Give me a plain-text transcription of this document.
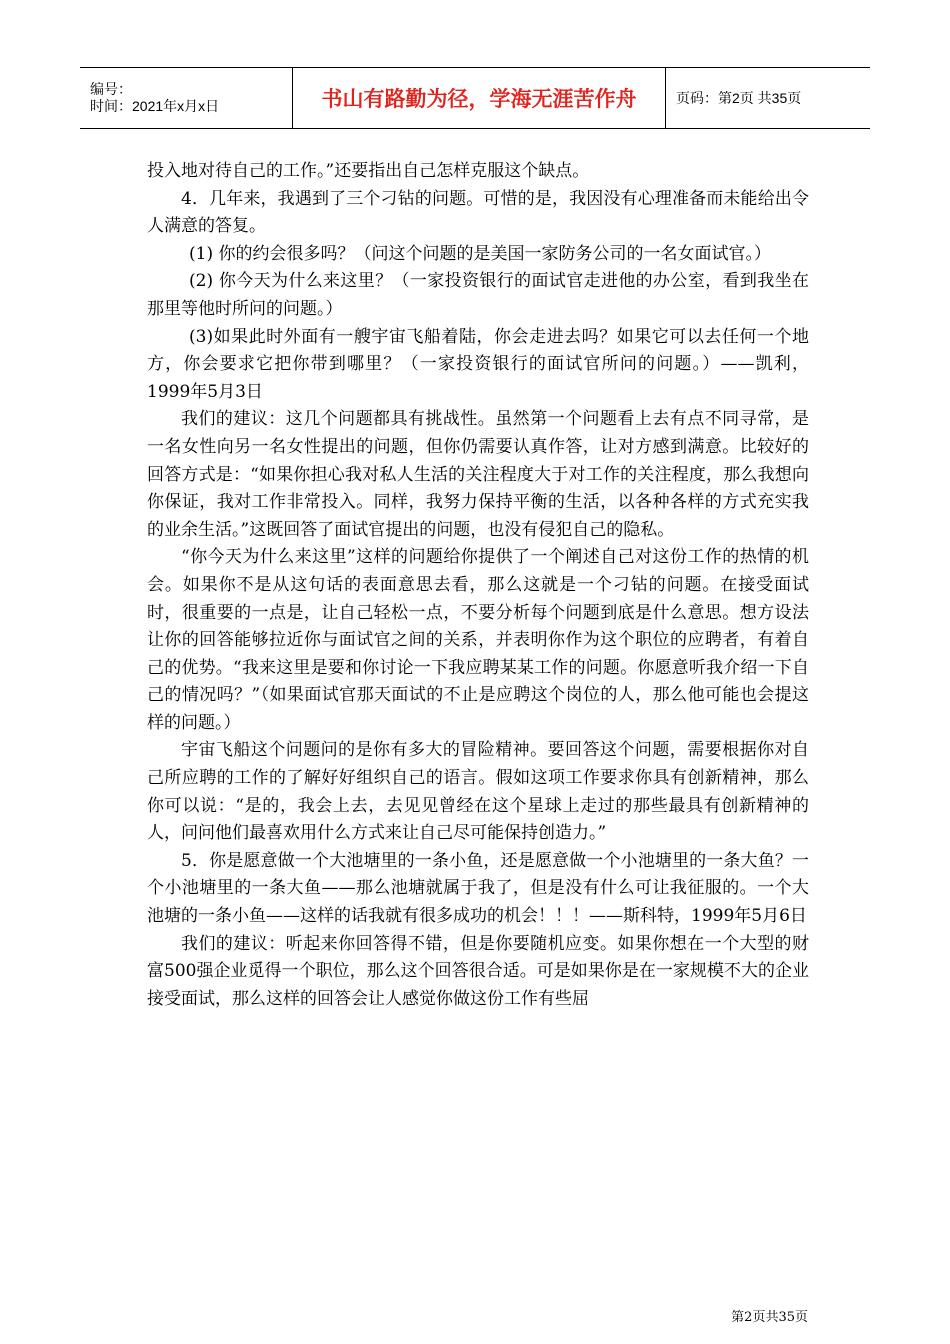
编号：
时间：2021年x月x日	书山有路勤为径，学海无涯苦作舟	页码：第2页 共35页

投入地对待自己的工作。”还要指出自己怎样克服这个缺点。

4．几年来，我遇到了三个刁钻的问题。可惜的是，我因没有心理准备而未能给出令人满意的答复。

(1) 你的约会很多吗？（问这个问题的是美国一家防务公司的一名女面试官。）

(2) 你今天为什么来这里？（一家投资银行的面试官走进他的办公室，看到我坐在那里等他时所问的问题。）

(3)如果此时外面有一艘宇宙飞船着陆，你会走进去吗？如果它可以去任何一个地方，你会要求它把你带到哪里？（一家投资银行的面试官所问的问题。）——凯利，1999年5月3日

我们的建议：这几个问题都具有挑战性。虽然第一个问题看上去有点不同寻常，是一名女性向另一名女性提出的问题，但你仍需要认真作答，让对方感到满意。比较好的回答方式是：“如果你担心我对私人生活的关注程度大于对工作的关注程度，那么我想向你保证，我对工作非常投入。同样，我努力保持平衡的生活，以各种各样的方式充实我的业余生活。”这既回答了面试官提出的问题，也没有侵犯自己的隐私。

“你今天为什么来这里”这样的问题给你提供了一个阐述自己对这份工作的热情的机会。如果你不是从这句话的表面意思去看，那么这就是一个刁钻的问题。在接受面试时，很重要的一点是，让自己轻松一点，不要分析每个问题到底是什么意思。想方设法让你的回答能够拉近你与面试官之间的关系，并表明你作为这个职位的应聘者，有着自己的优势。“我来这里是要和你讨论一下我应聘某某工作的问题。你愿意听我介绍一下自己的情况吗？”（如果面试官那天面试的不止是应聘这个岗位的人，那么他可能也会提这样的问题。）

宇宙飞船这个问题问的是你有多大的冒险精神。要回答这个问题，需要根据你对自己所应聘的工作的了解好好组织自己的语言。假如这项工作要求你具有创新精神，那么你可以说：“是的，我会上去，去见见曾经在这个星球上走过的那些最具有创新精神的人，问问他们最喜欢用什么方式来让自己尽可能保持创造力。”

5．你是愿意做一个大池塘里的一条小鱼，还是愿意做一个小池塘里的一条大鱼？一个小池塘里的一条大鱼——那么池塘就属于我了，但是没有什么可让我征服的。一个大池塘的一条小鱼——这样的话我就有很多成功的机会！！！——斯科特，1999年5月6日

我们的建议：听起来你回答得不错，但是你要随机应变。如果你想在一个大型的财富500强企业觅得一个职位，那么这个回答很合适。可是如果你是在一家规模不大的企业接受面试，那么这样的回答会让人感觉你做这份工作有些屈

第2页共35页
